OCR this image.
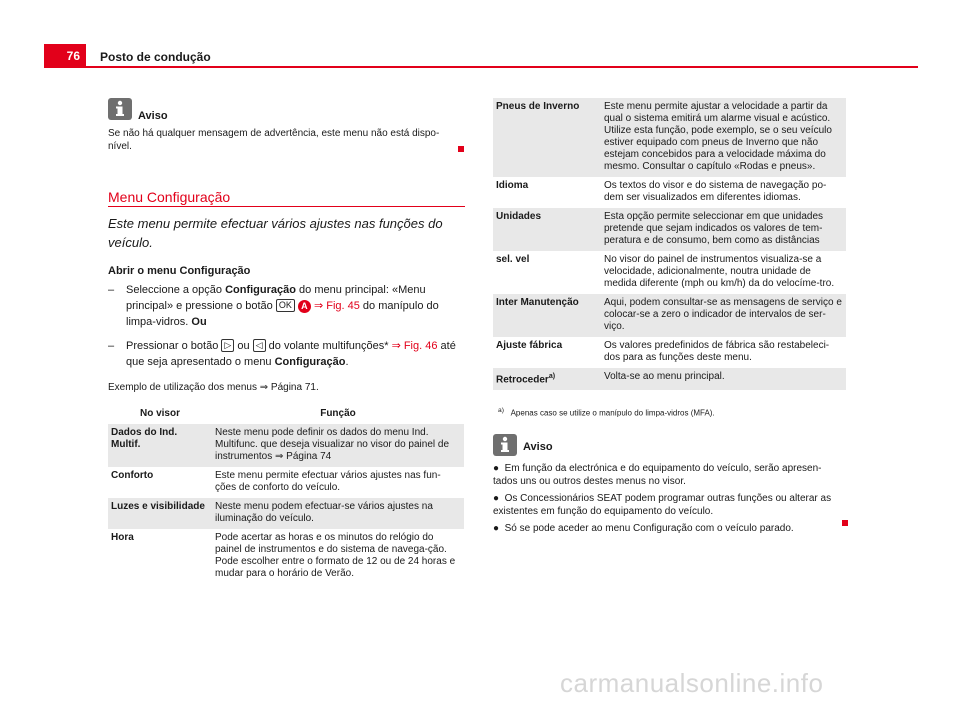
76 Posto de condução
Aviso
Se não há qualquer mensagem de advertência, este menu não está dispo-nível.
Menu Configuração
Este menu permite efectuar vários ajustes nas funções do veículo.
Abrir o menu Configuração
– Seleccione a opção Configuração do menu principal: «Menu principal» e pressione o botão OK A ⇒ Fig. 45 do manípulo do limpa-vidros. Ou
– Pressionar o botão ▷ ou ◁ do volante multifunções* ⇒ Fig. 46 até que seja apresentado o menu Configuração.
Exemplo de utilização dos menus ⇒ Página 71.
No visor	Função
Dados do Ind. Multif.	Neste menu pode definir os dados do menu Ind. Multifunc. que deseja visualizar no visor do painel de instrumentos ⇒ Página 74
Conforto	Este menu permite efectuar vários ajustes nas fun-ções de conforto do veículo.
Luzes e visibilidade	Neste menu podem efectuar-se vários ajustes na iluminação do veículo.
Hora	Pode acertar as horas e os minutos do relógio do painel de instrumentos e do sistema de navega-ção. Pode escolher entre o formato de 12 ou de 24 horas e mudar para o horário de Verão.
Pneus de Inverno	Este menu permite ajustar a velocidade a partir da qual o sistema emitirá um alarme visual e acústico. Utilize esta função, pode exemplo, se o seu veículo estiver equipado com pneus de Inverno que não estejam concebidos para a velocidade máxima do mesmo. Consultar o capítulo «Rodas e pneus».
Idioma	Os textos do visor e do sistema de navegação po-dem ser visualizados em diferentes idiomas.
Unidades	Esta opção permite seleccionar em que unidades pretende que sejam indicados os valores de tem-peratura e de consumo, bem como as distâncias
sel. vel	No visor do painel de instrumentos visualiza-se a velocidade, adicionalmente, noutra unidade de medida diferente (mph ou km/h) da do velocíme-tro.
Inter Manutenção	Aqui, podem consultar-se as mensagens de serviço e colocar-se a zero o indicador de intervalos de ser-viço.
Ajuste fábrica	Os valores predefinidos de fábrica são restabeleci-dos para as funções deste menu.
Retroceder$^{a)}$	Volta-se ao menu principal.
$^{a)}$ Apenas caso se utilize o manípulo do limpa-vidros (MFA).
Aviso
●  Em função da electrónica e do equipamento do veículo, serão apresen-tados uns ou outros destes menus no visor.
●  Os Concessionários SEAT podem programar outras funções ou alterar as existentes em função do equipamento do veículo.
●  Só se pode aceder ao menu Configuração com o veículo parado.
carmanualsonline.info
